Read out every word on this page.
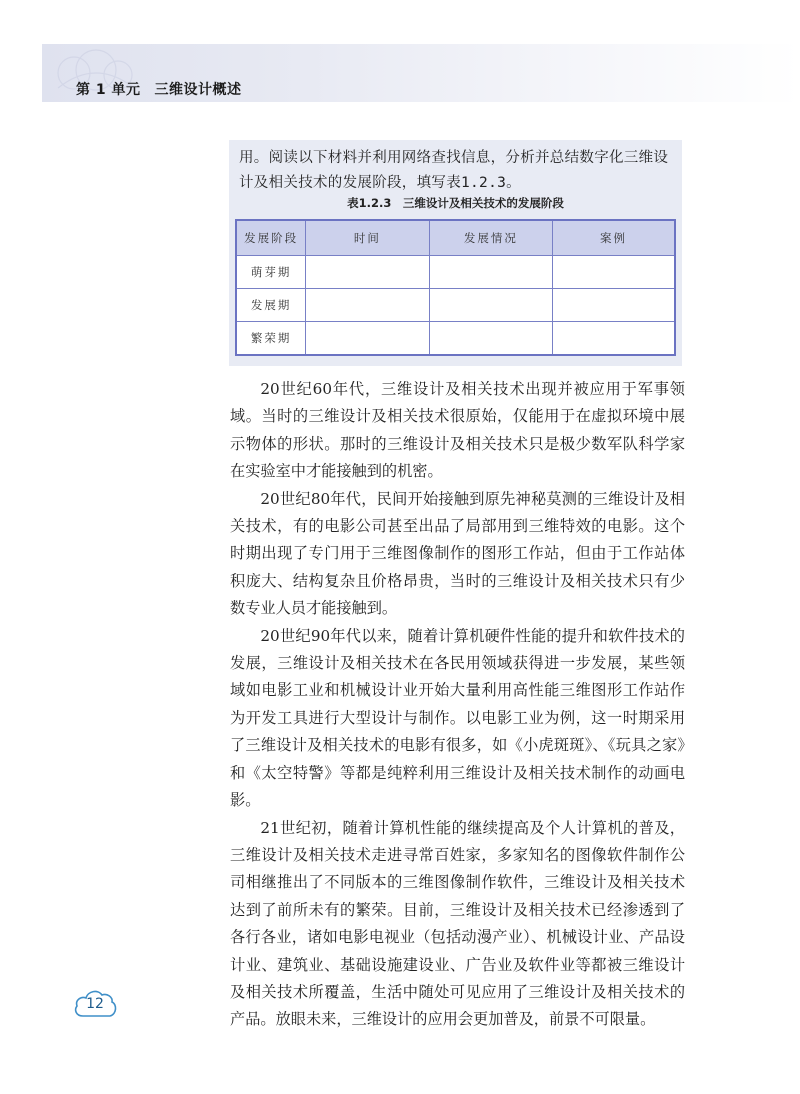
第 1 单元 三维设计概述
用。阅读以下材料并利用网络查找信息，分析并总结数字化三维设计及相关技术的发展阶段，填写表1.2.3。
表1.2.3　三维设计及相关技术的发展阶段
发展阶段	时间	发展情况	案例
萌芽期			
发展期			
繁荣期			

20世纪60年代，三维设计及相关技术出现并被应用于军事领域。当时的三维设计及相关技术很原始，仅能用于在虚拟环境中展示物体的形状。那时的三维设计及相关技术只是极少数军队科学家在实验室中才能接触到的机密。

20世纪80年代，民间开始接触到原先神秘莫测的三维设计及相关技术，有的电影公司甚至出品了局部用到三维特效的电影。这个时期出现了专门用于三维图像制作的图形工作站，但由于工作站体积庞大、结构复杂且价格昂贵，当时的三维设计及相关技术只有少数专业人员才能接触到。

20世纪90年代以来，随着计算机硬件性能的提升和软件技术的发展，三维设计及相关技术在各民用领域获得进一步发展，某些领域如电影工业和机械设计业开始大量利用高性能三维图形工作站作为开发工具进行大型设计与制作。以电影工业为例，这一时期采用了三维设计及相关技术的电影有很多，如《小虎斑斑》、《玩具之家》和《太空特警》等都是纯粹利用三维设计及相关技术制作的动画电影。

21世纪初，随着计算机性能的继续提高及个人计算机的普及，三维设计及相关技术走进寻常百姓家，多家知名的图像软件制作公司相继推出了不同版本的三维图像制作软件，三维设计及相关技术达到了前所未有的繁荣。目前，三维设计及相关技术已经渗透到了各行各业，诸如电影电视业（包括动漫产业）、机械设计业、产品设计业、建筑业、基础设施建设业、广告业及软件业等都被三维设计及相关技术所覆盖，生活中随处可见应用了三维设计及相关技术的产品。放眼未来，三维设计的应用会更加普及，前景不可限量。

12
